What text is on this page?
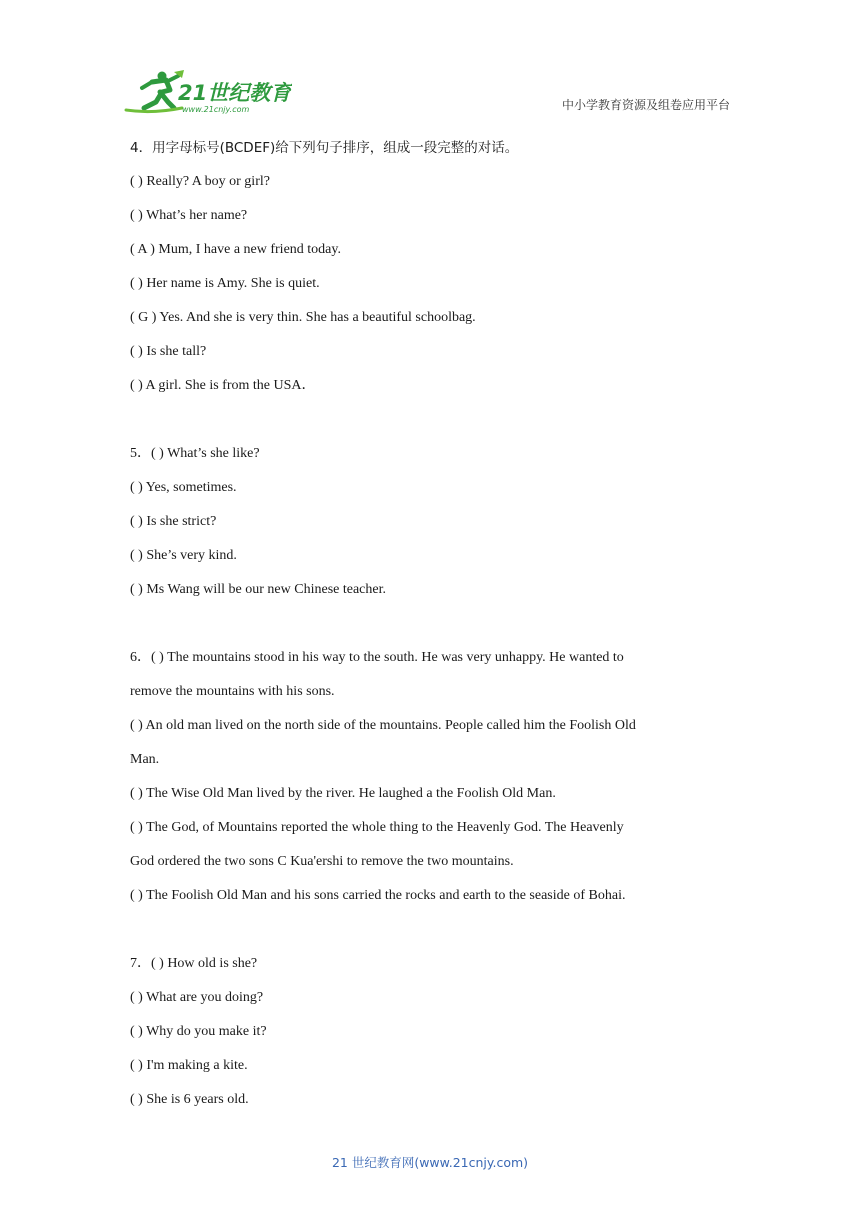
21世纪教育
www.21cnjy.com	中小学教育资源及组卷应用平台
4．用字母标号(BCDEF)给下列句子排序，组成一段完整的对话。
( ) Really? A boy or girl?
( ) What’s her name?
( A ) Mum, I have a new friend today.
( ) Her name is Amy. She is quiet.
( G ) Yes. And she is very thin. She has a beautiful schoolbag.
( ) Is she tall?
( ) A girl. She is from the USA．
5．( ) What’s she like?
( ) Yes, sometimes.
( ) Is she strict?
( ) She’s very kind.
( ) Ms Wang will be our new Chinese teacher.
6．( ) The mountains stood in his way to the south. He was very unhappy. He wanted to
remove the mountains with his sons.
( ) An old man lived on the north side of the mountains. People called him the Foolish Old
Man.
( ) The Wise Old Man lived by the river. He laughed a the Foolish Old Man.
( ) The God, of Mountains reported the whole thing to the Heavenly God. The Heavenly
God ordered the two sons C Kua'ershi to remove the two mountains.
( ) The Foolish Old Man and his sons carried the rocks and earth to the seaside of Bohai.
7．( ) How old is she?
( ) What are you doing?
( ) Why do you make it?
( ) I'm making a kite.
( ) She is 6 years old.
21 世纪教育网(www.21cnjy.com)
